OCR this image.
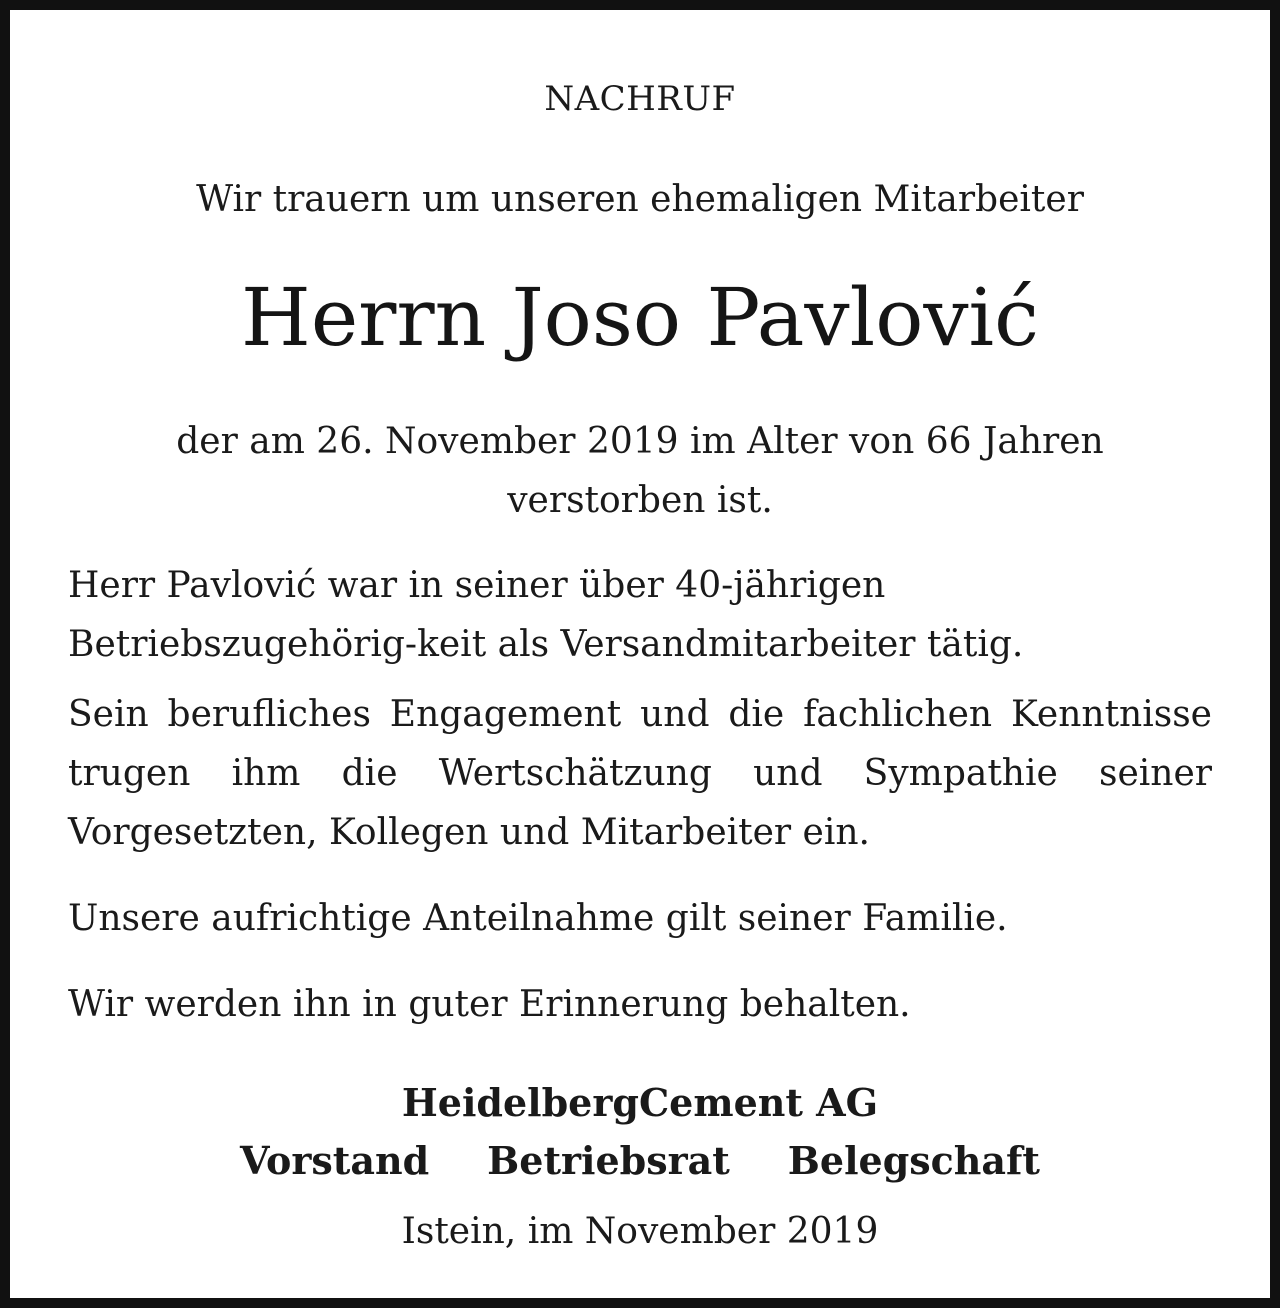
NACHRUF
Wir trauern um unseren ehemaligen Mitarbeiter
Herrn Joso Pavlović
der am 26. November 2019 im Alter von 66 Jahren
verstorben ist.
Herr Pavlović war in seiner über 40-jährigen Betriebszugehörig-keit als Versandmitarbeiter tätig.
Sein berufliches Engagement und die fachlichen Kenntnisse trugen ihm die Wertschätzung und Sympathie seiner Vorgesetzten, Kollegen und Mitarbeiter ein.
Unsere aufrichtige Anteilnahme gilt seiner Familie.
Wir werden ihn in guter Erinnerung behalten.
HeidelbergCement AG
Vorstand Betriebsrat Belegschaft
Istein, im November 2019
